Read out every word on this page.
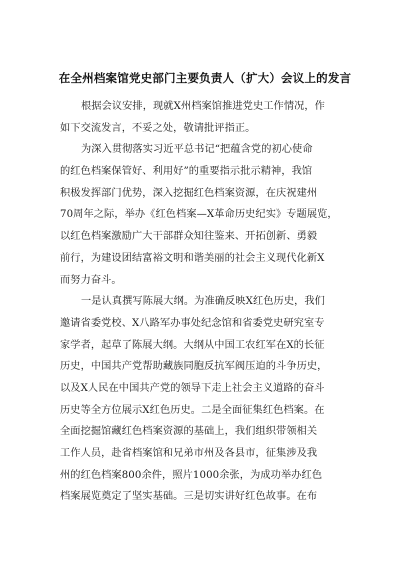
在全州档案馆党史部门主要负责人（扩大）会议上的发言
根据会议安排，现就X州档案馆推进党史工作情况，作
如下交流发言，不妥之处，敬请批评指正。
为深入贯彻落实习近平总书记“把蕴含党的初心使命
的红色档案保管好、利用好”的重要指示批示精神，我馆
积极发挥部门优势，深入挖掘红色档案资源，在庆祝建州
70周年之际，举办《红色档案—X革命历史纪实》专题展览，
以红色档案激励广大干部群众知往鉴来、开拓创新、勇毅
前行，为建设团结富裕文明和谐美丽的社会主义现代化新X
而努力奋斗。
一是认真撰写陈展大纲。为准确反映X红色历史，我们
邀请省委党校、X八路军办事处纪念馆和省委党史研究室专
家学者，起草了陈展大纲。大纲从中国工农红军在X的长征
历史，中国共产党帮助藏族同胞反抗军阀压迫的斗争历史，
以及X人民在中国共产党的领导下走上社会主义道路的奋斗
历史等全方位展示X红色历史。二是全面征集红色档案。在
全面挖掘馆藏红色档案资源的基础上，我们组织带领相关
工作人员，赴省档案馆和兄弟市州及各县市，征集涉及我
州的红色档案800余件，照片1000余张，为成功举办红色
档案展览奠定了坚实基础。三是切实讲好红色故事。在布
